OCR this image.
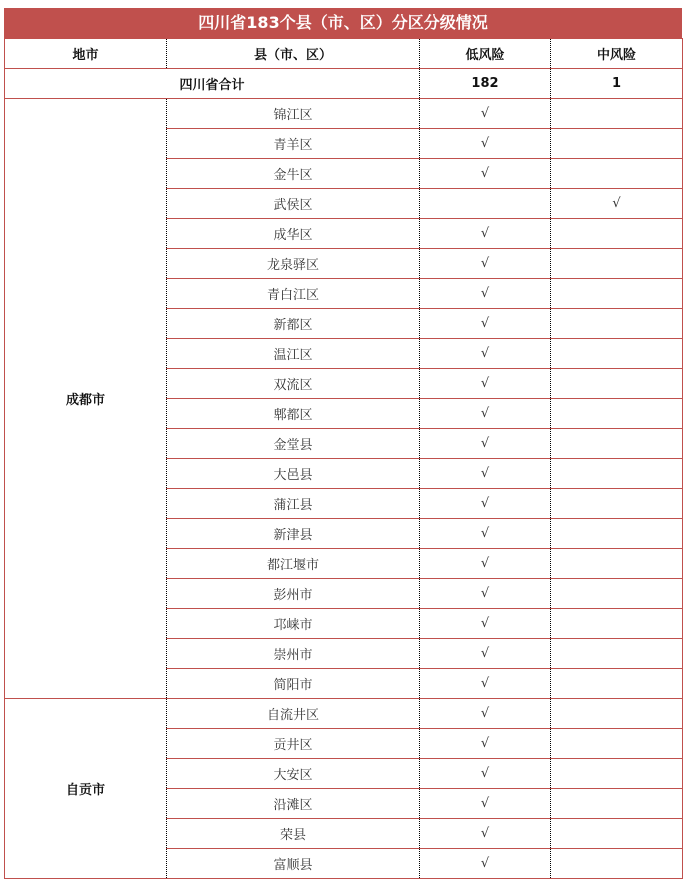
四川省183个县（市、区）分区分级情况
地市	县（市、区）	低风险	中风险
四川省合计		182	1
成都市	锦江区	√	
	青羊区	√	
	金牛区	√	
	武侯区		√
	成华区	√	
	龙泉驿区	√	
	青白江区	√	
	新都区	√	
	温江区	√	
	双流区	√	
	郫都区	√	
	金堂县	√	
	大邑县	√	
	蒲江县	√	
	新津县	√	
	都江堰市	√	
	彭州市	√	
	邛崃市	√	
	崇州市	√	
	简阳市	√	
自贡市	自流井区	√	
	贡井区	√	
	大安区	√	
	沿滩区	√	
	荣县	√	
	富顺县	√	
